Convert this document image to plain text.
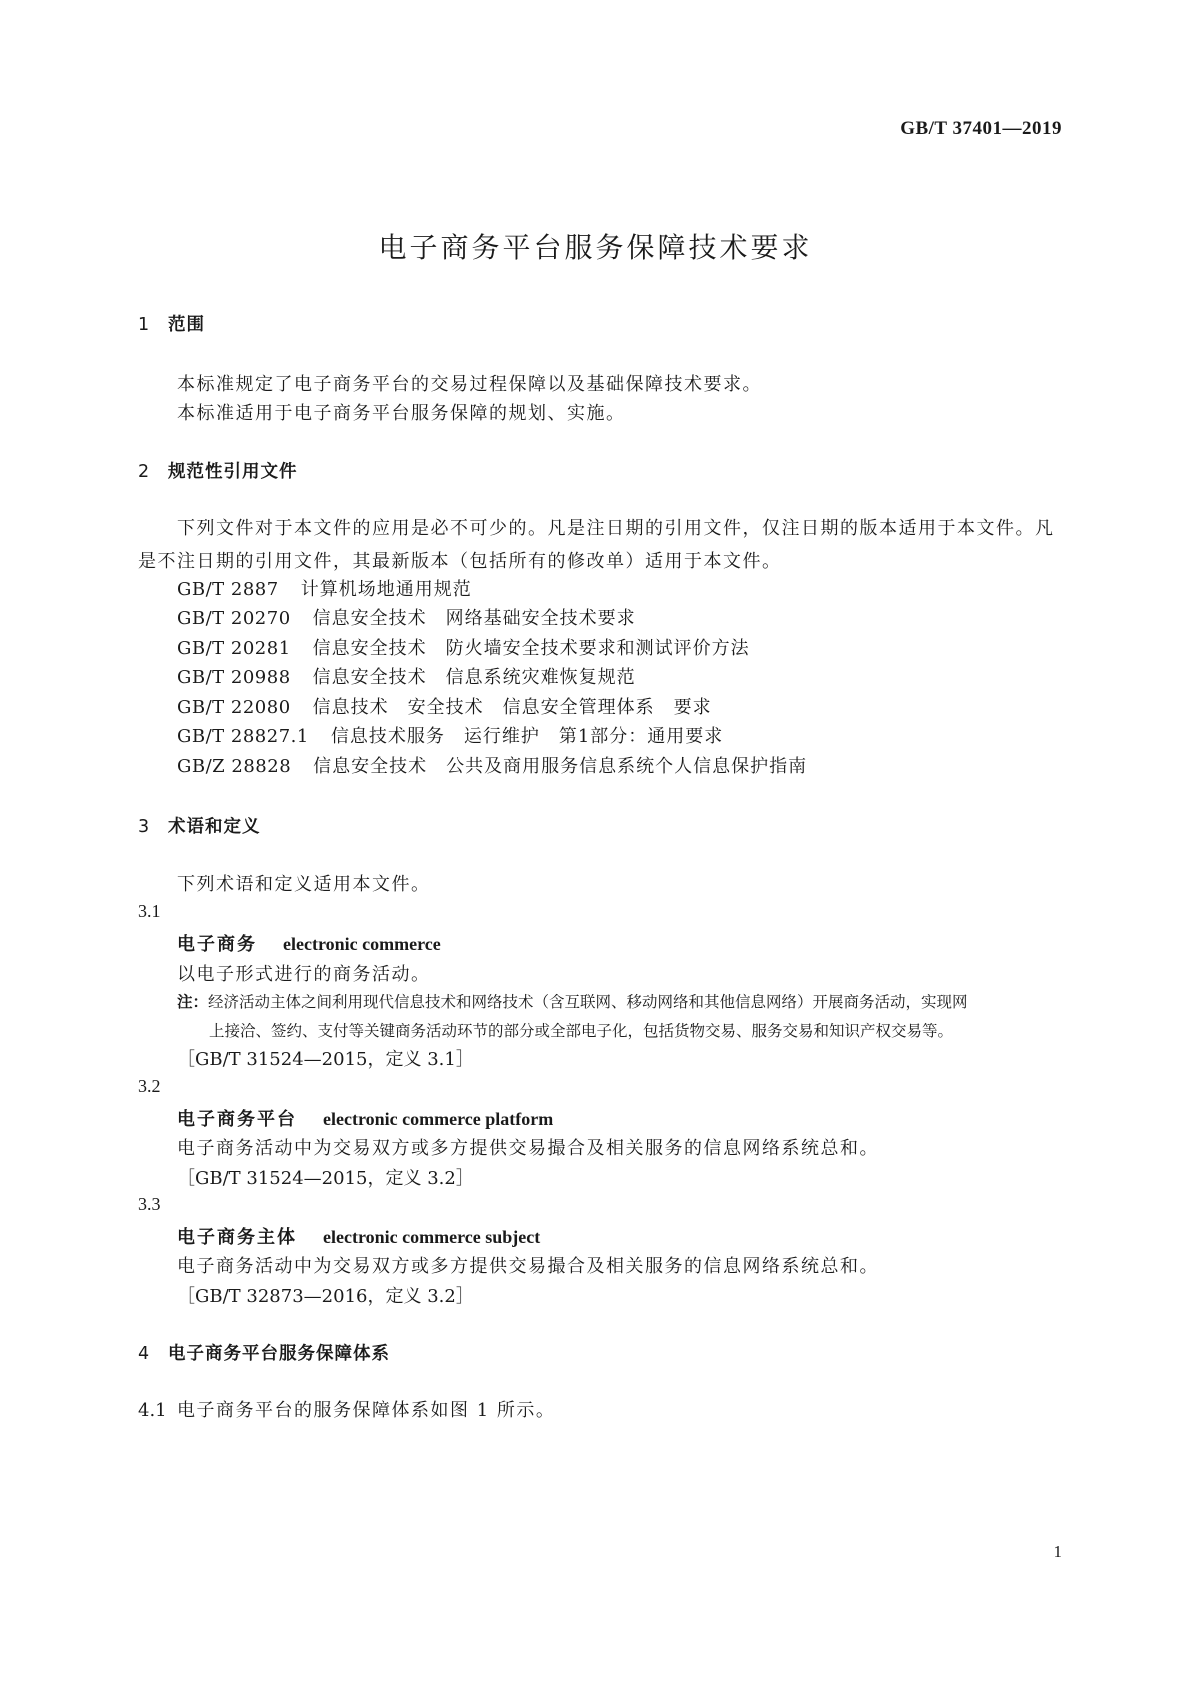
GB/T 37401—2019
电子商务平台服务保障技术要求
1 范围
本标准规定了电子商务平台的交易过程保障以及基础保障技术要求。
本标准适用于电子商务平台服务保障的规划、实施。
2 规范性引用文件
下列文件对于本文件的应用是必不可少的。凡是注日期的引用文件，仅注日期的版本适用于本文件。凡是不注日期的引用文件，其最新版本（包括所有的修改单）适用于本文件。
GB/T 2887 计算机场地通用规范
GB/T 20270 信息安全技术　网络基础安全技术要求
GB/T 20281 信息安全技术　防火墙安全技术要求和测试评价方法
GB/T 20988 信息安全技术　信息系统灾难恢复规范
GB/T 22080 信息技术　安全技术　信息安全管理体系　要求
GB/T 28827.1 信息技术服务　运行维护　第1部分：通用要求
GB/Z 28828 信息安全技术　公共及商用服务信息系统个人信息保护指南
3 术语和定义
下列术语和定义适用本文件。
3.1
电子商务 electronic commerce
以电子形式进行的商务活动。
注：经济活动主体之间利用现代信息技术和网络技术（含互联网、移动网络和其他信息网络）开展商务活动，实现网
上接洽、签约、支付等关键商务活动环节的部分或全部电子化，包括货物交易、服务交易和知识产权交易等。
［GB/T 31524—2015，定义 3.1］
3.2
电子商务平台 electronic commerce platform
电子商务活动中为交易双方或多方提供交易撮合及相关服务的信息网络系统总和。
［GB/T 31524—2015，定义 3.2］
3.3
电子商务主体 electronic commerce subject
电子商务活动中为交易双方或多方提供交易撮合及相关服务的信息网络系统总和。
［GB/T 32873—2016，定义 3.2］
4 电子商务平台服务保障体系
4.1 电子商务平台的服务保障体系如图 1 所示。
1
